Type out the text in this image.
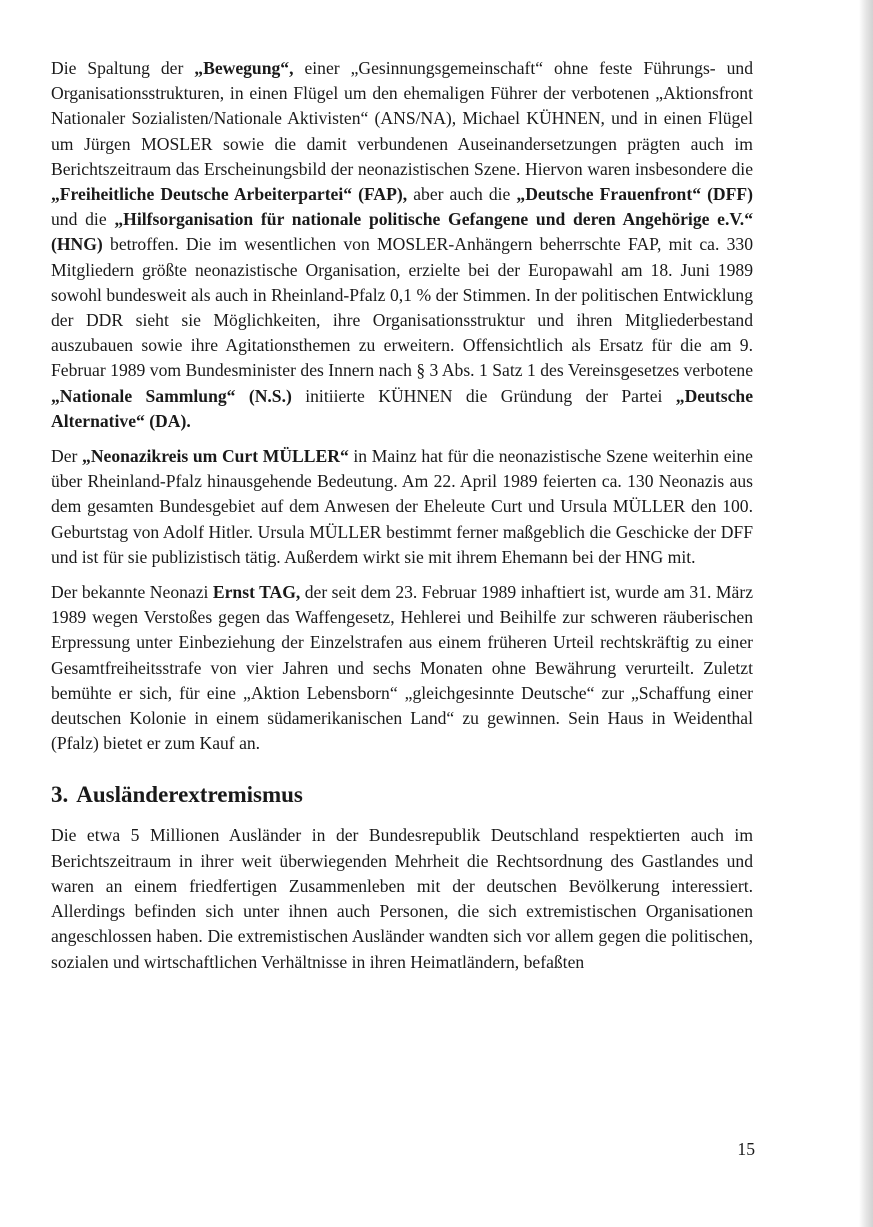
Die Spaltung der „Bewegung“, einer „Gesinnungsgemeinschaft“ ohne feste Führungs- und Organisationsstrukturen, in einen Flügel um den ehemaligen Führer der verbotenen „Aktionsfront Nationaler Sozialisten/Nationale Aktivisten“ (ANS/NA), Michael KÜHNEN, und in einen Flügel um Jürgen MOSLER sowie die damit verbundenen Auseinandersetzungen prägten auch im Berichtszeitraum das Erscheinungsbild der neonazistischen Szene. Hiervon waren insbesondere die „Freiheitliche Deutsche Arbeiterpartei“ (FAP), aber auch die „Deutsche Frauenfront“ (DFF) und die „Hilfsorganisation für nationale politische Gefangene und deren Angehörige e.V.“ (HNG) betroffen. Die im wesentlichen von MOSLER-Anhängern beherrschte FAP, mit ca. 330 Mitgliedern größte neonazistische Organisation, erzielte bei der Europawahl am 18. Juni 1989 sowohl bundesweit als auch in Rheinland-Pfalz 0,1 % der Stimmen. In der politischen Entwicklung der DDR sieht sie Möglichkeiten, ihre Organisationsstruktur und ihren Mitgliederbestand auszubauen sowie ihre Agitationsthemen zu erweitern. Offensichtlich als Ersatz für die am 9. Februar 1989 vom Bundesminister des Innern nach § 3 Abs. 1 Satz 1 des Vereinsgesetzes verbotene „Nationale Sammlung“ (N.S.) initiierte KÜHNEN die Gründung der Partei „Deutsche Alternative“ (DA).

Der „Neonazikreis um Curt MÜLLER“ in Mainz hat für die neonazistische Szene weiterhin eine über Rheinland-Pfalz hinausgehende Bedeutung. Am 22. April 1989 feierten ca. 130 Neonazis aus dem gesamten Bundesgebiet auf dem Anwesen der Eheleute Curt und Ursula MÜLLER den 100. Geburtstag von Adolf Hitler. Ursula MÜLLER bestimmt ferner maßgeblich die Geschicke der DFF und ist für sie publizistisch tätig. Außerdem wirkt sie mit ihrem Ehemann bei der HNG mit.

Der bekannte Neonazi Ernst TAG, der seit dem 23. Februar 1989 inhaftiert ist, wurde am 31. März 1989 wegen Verstoßes gegen das Waffengesetz, Hehlerei und Beihilfe zur schweren räuberischen Erpressung unter Einbeziehung der Einzelstrafen aus einem früheren Urteil rechtskräftig zu einer Gesamtfreiheitsstrafe von vier Jahren und sechs Monaten ohne Bewährung verurteilt. Zuletzt bemühte er sich, für eine „Aktion Lebensborn“ „gleichgesinnte Deutsche“ zur „Schaffung einer deutschen Kolonie in einem südamerikanischen Land“ zu gewinnen. Sein Haus in Weidenthal (Pfalz) bietet er zum Kauf an.

3. Ausländerextremismus

Die etwa 5 Millionen Ausländer in der Bundesrepublik Deutschland respektierten auch im Berichtszeitraum in ihrer weit überwiegenden Mehrheit die Rechtsordnung des Gastlandes und waren an einem friedfertigen Zusammenleben mit der deutschen Bevölkerung interessiert. Allerdings befinden sich unter ihnen auch Personen, die sich extremistischen Organisationen angeschlossen haben. Die extremistischen Ausländer wandten sich vor allem gegen die politischen, sozialen und wirtschaftlichen Verhältnisse in ihren Heimatländern, befaßten

15
